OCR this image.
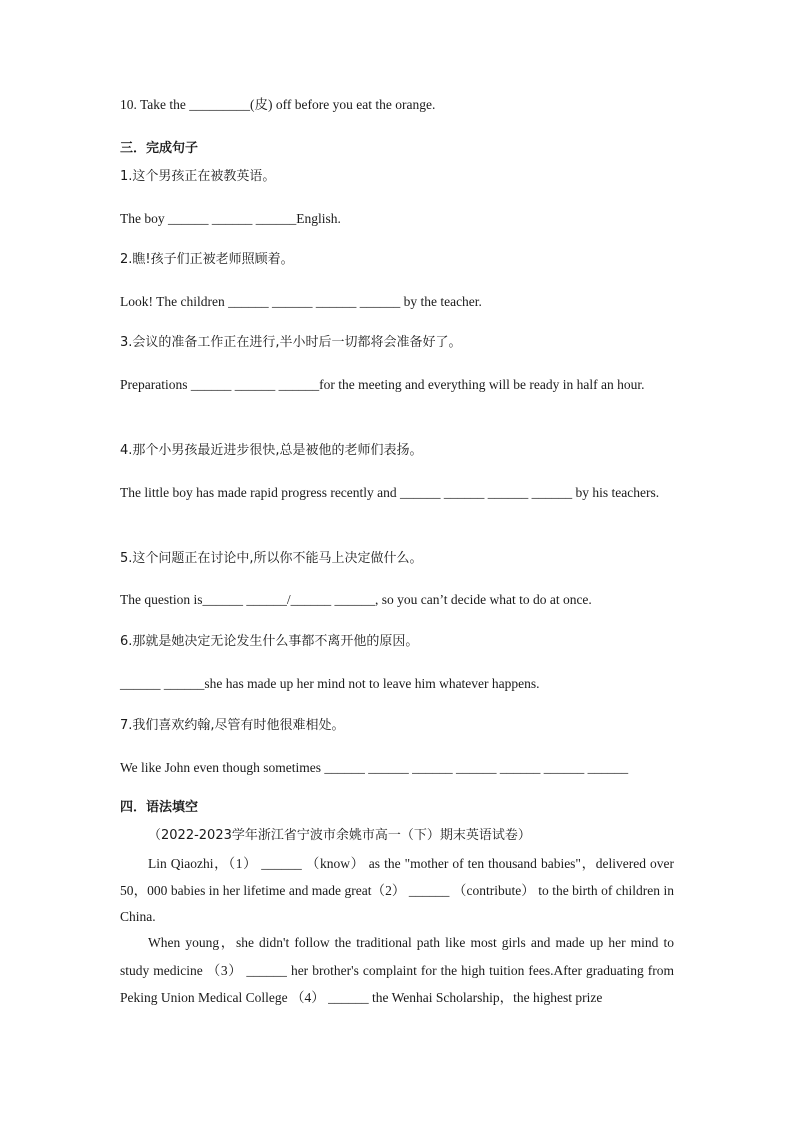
10. Take the _________(皮) off before you eat the orange.
三．完成句子
1.这个男孩正在被教英语。
The boy ______ ______ ______English.
2.瞧!孩子们正被老师照顾着。
Look! The children ______ ______ ______ ______ by the teacher.
3.会议的准备工作正在进行,半小时后一切都将会准备好了。
Preparations ______ ______ ______for the meeting and everything will be ready in half an hour.
4.那个小男孩最近进步很快,总是被他的老师们表扬。
The little boy has made rapid progress recently and ______ ______ ______ ______ by his teachers.
5.这个问题正在讨论中,所以你不能马上决定做什么。
The question is______ ______/______ ______, so you can’t decide what to do at once.
6.那就是她决定无论发生什么事都不离开他的原因。
______ ______she has made up her mind not to leave him whatever happens.
7.我们喜欢约翰,尽管有时他很难相处。
We like John even though sometimes ______ ______ ______ ______ ______ ______ ______
四．语法填空
（2022-2023学年浙江省宁波市余姚市高一（下）期末英语试卷）
Lin Qiaozhi，（1） ______ （know） as the "mother of ten thousand babies"，delivered over 50，000 babies in her lifetime and made great（2） ______ （contribute） to the birth of children in China.
When young，she didn't follow the traditional path like most girls and made up her mind to study medicine （3） ______ her brother's complaint for the high tuition fees.After graduating from Peking Union Medical College （4） ______ the Wenhai Scholarship，the highest prize
